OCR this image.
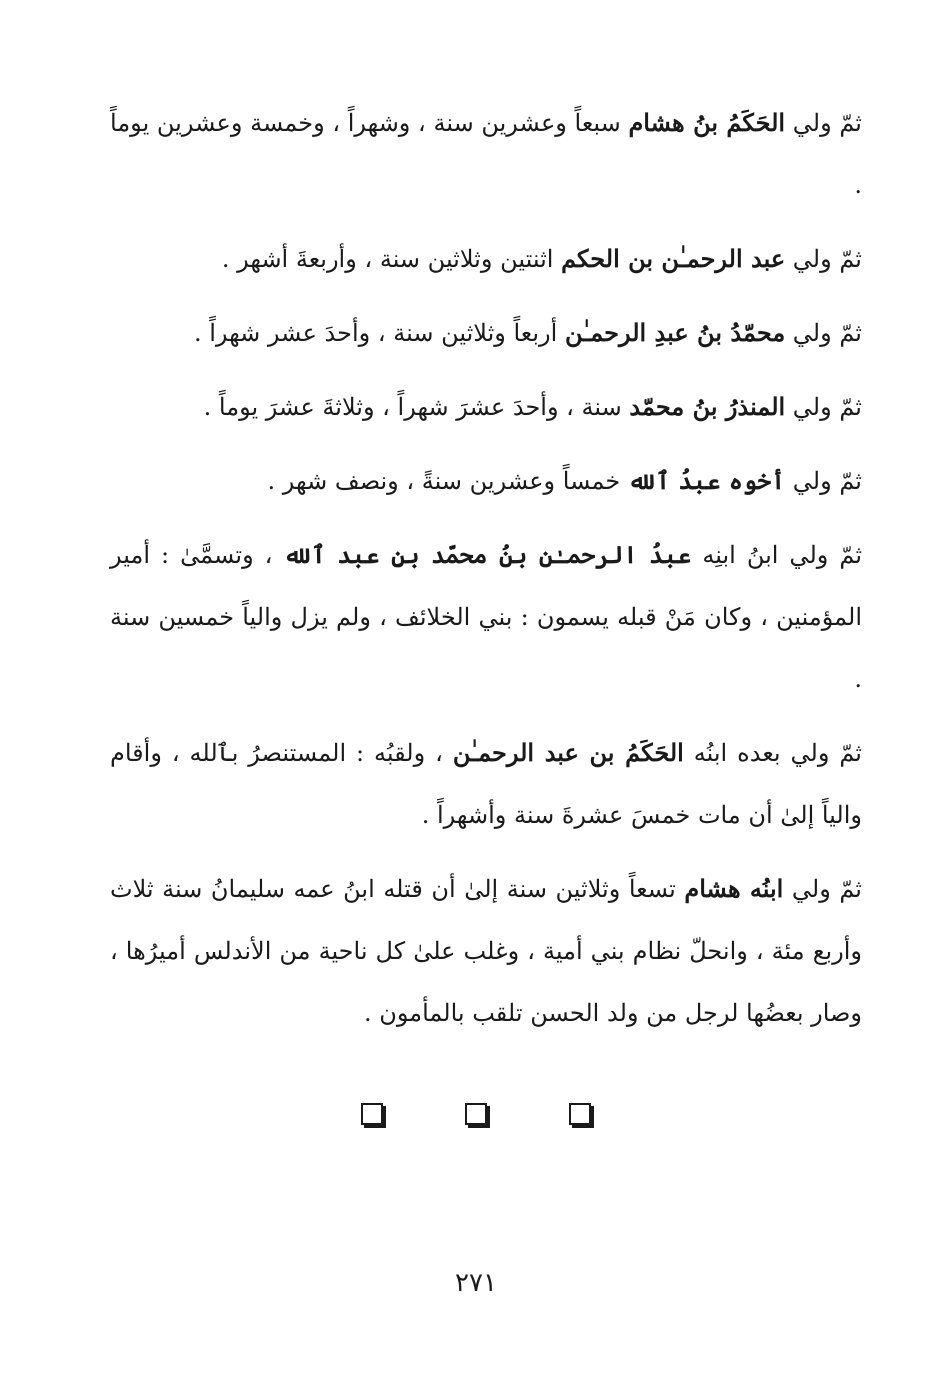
ثمّ ولي الحَكَمُ بنُ هشام سبعاً وعشرين سنة ، وشهراً ، وخمسة وعشرين يوماً .

ثمّ ولي عبد الرحمـٰن بن الحكم اثنتين وثلاثين سنة ، وأربعةَ أشهر .

ثمّ ولي محمّدُ بنُ عبدِ الرحمـٰن أربعاً وثلاثين سنة ، وأحدَ عشر شهراً .

ثمّ ولي المنذرُ بنُ محمّد سنة ، وأحدَ عشرَ شهراً ، وثلاثةَ عشرَ يوماً .

ثمّ ولي أخوه عبدُ ٱلله خمساً وعشرين سنةً ، ونصف شهر .

ثمّ ولي ابنُ ابنِه عبدُ الرحمـٰن بنُ محمّد بنِ عبد ٱلله ، وتسمَّىٰ : أمير المؤمنين ، وكان مَنْ قبله يسمون : بني الخلائف ، ولم يزل والياً خمسين سنة .

ثمّ ولي بعده ابنُه الحَكَمُ بن عبد الرحمـٰن ، ولقبُه : المستنصرُ بٱلله ، وأقام والياً إلىٰ أن مات خمسَ عشرةَ سنة وأشهراً .

ثمّ ولي ابنُه هشام تسعاً وثلاثين سنة إلىٰ أن قتله ابنُ عمه سليمانُ سنة ثلاث وأربع مئة ، وانحلّ نظام بني أمية ، وغلب علىٰ كل ناحية من الأندلس أميرُها ، وصار بعضُها لرجل من ولد الحسن تلقب بالمأمون .

٢٧١
